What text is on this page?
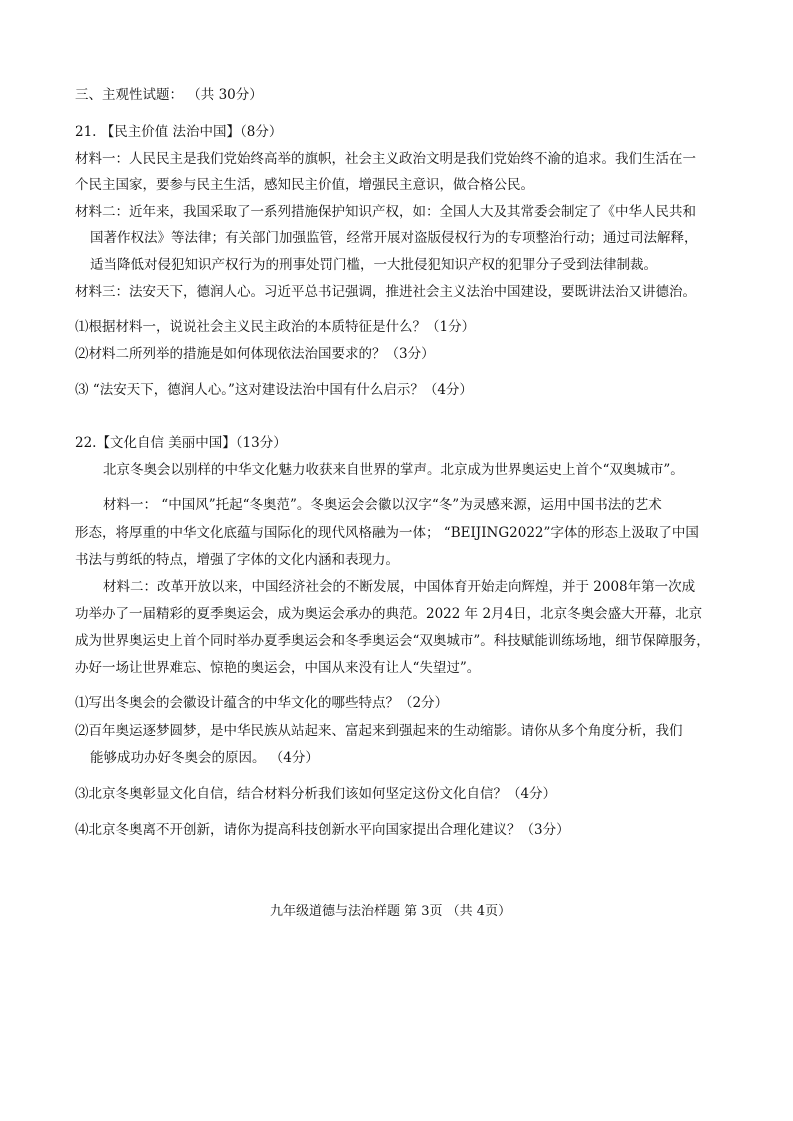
三、主观性试题： （共 30分）
21. 【民主价值 法治中国】（8分）
材料一：人民民主是我们党始终高举的旗帜，社会主义政治文明是我们党始终不渝的追求。我们生活在一
个民主国家，要参与民主生活，感知民主价值，增强民主意识，做合格公民。
材料二：近年来，我国采取了一系列措施保护知识产权，如：全国人大及其常委会制定了《中华人民共和
国著作权法》等法律；有关部门加强监管，经常开展对盗版侵权行为的专项整治行动；通过司法解释，
适当降低对侵犯知识产权行为的刑事处罚门槛，一大批侵犯知识产权的犯罪分子受到法律制裁。
材料三：法安天下，德润人心。习近平总书记强调，推进社会主义法治中国建设，要既讲法治又讲德治。
⑴根据材料一，说说社会主义民主政治的本质特征是什么？（1分）
⑵材料二所列举的措施是如何体现依法治国要求的？（3分）
⑶ “法安天下，德润人心。”这对建设法治中国有什么启示？（4分）
22.【文化自信 美丽中国】（13分）
北京冬奥会以别样的中华文化魅力收获来自世界的掌声。北京成为世界奥运史上首个“双奥城市”。
材料一： “中国风”托起“冬奥范”。冬奥运会会徽以汉字“冬”为灵感来源，运用中国书法的艺术
形态，将厚重的中华文化底蕴与国际化的现代风格融为一体； “BEIJING2022”字体的形态上汲取了中国
书法与剪纸的特点，增强了字体的文化内涵和表现力。
材料二：改革开放以来，中国经济社会的不断发展，中国体育开始走向辉煌，并于 2008年第一次成
功举办了一届精彩的夏季奥运会，成为奥运会承办的典范。2022 年 2月4日，北京冬奥会盛大开幕，北京
成为世界奥运史上首个同时举办夏季奥运会和冬季奥运会“双奥城市”。科技赋能训练场地，细节保障服务，
办好一场让世界难忘、惊艳的奥运会，中国从来没有让人“失望过”。
⑴写出冬奥会的会徽设计蕴含的中华文化的哪些特点？（2分）
⑵百年奥运逐梦圆梦，是中华民族从站起来、富起来到强起来的生动缩影。请你从多个角度分析，我们
能够成功办好冬奥会的原因。 （4分）
⑶北京冬奥彰显文化自信，结合材料分析我们该如何坚定这份文化自信？（4分）
⑷北京冬奥离不开创新，请你为提高科技创新水平向国家提出合理化建议？（3分）
九年级道德与法治样题 第 3页 （共 4页）
